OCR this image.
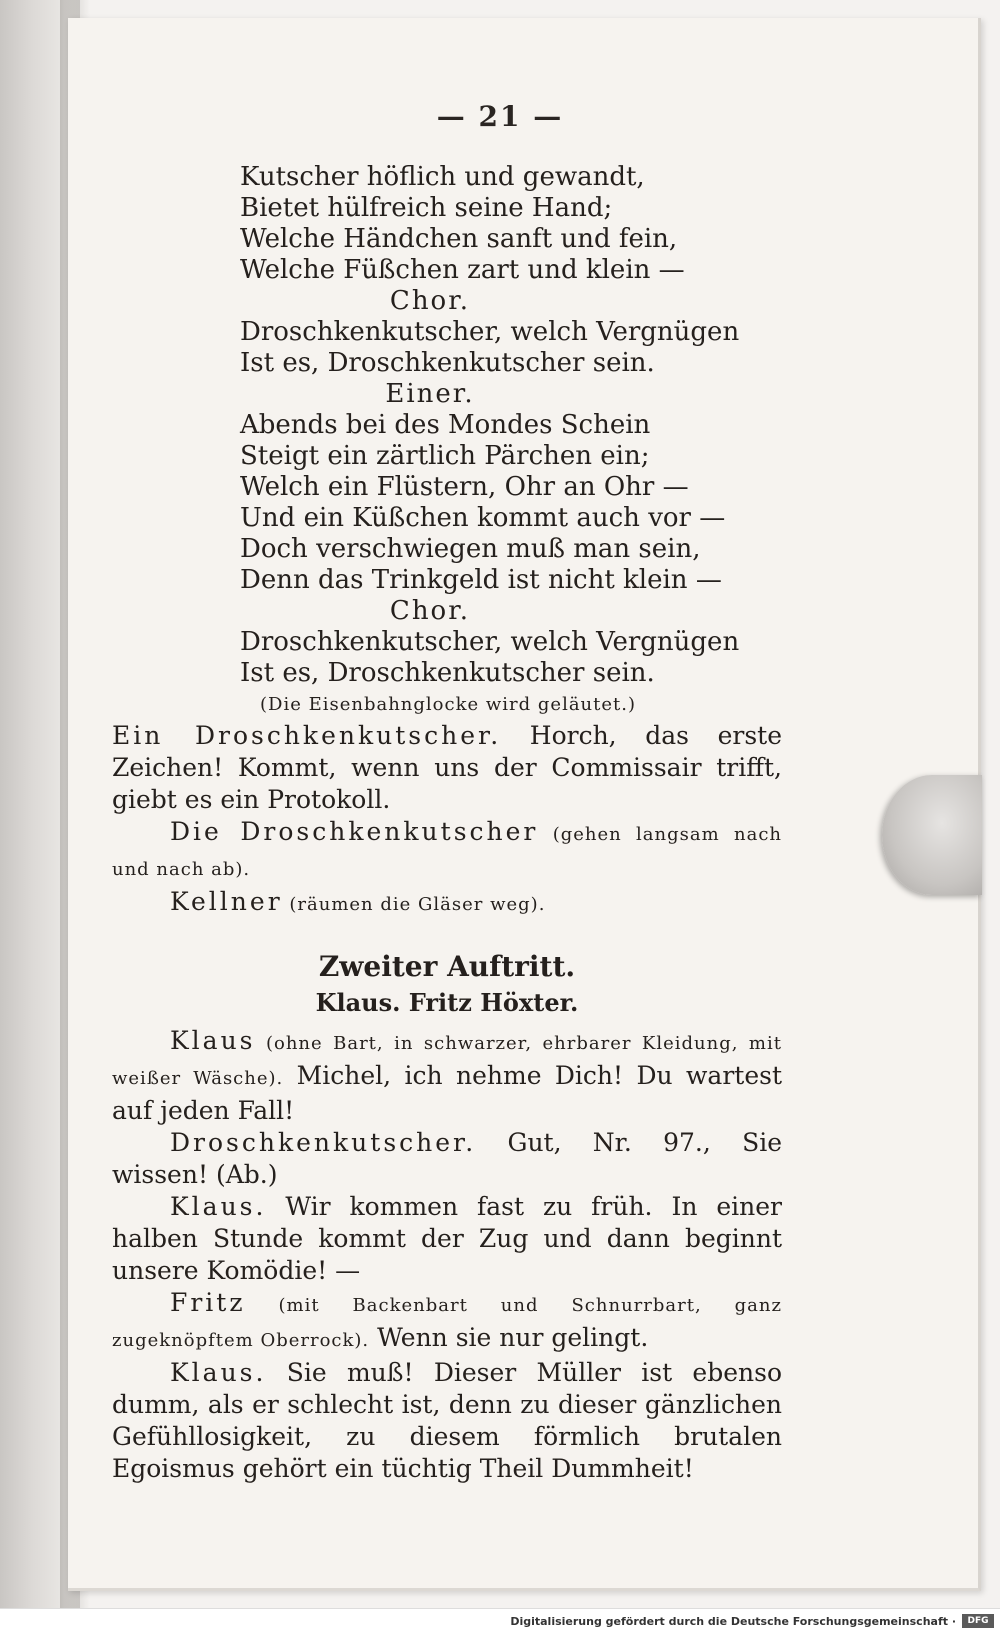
— 21 —
Kutscher höflich und gewandt,
Bietet hülfreich seine Hand;
Welche Händchen sanft und fein,
Welche Füßchen zart und klein —
Chor.
Droschkenkutscher, welch Vergnügen
Ist es, Droschkenkutscher sein.
Einer.
Abends bei des Mondes Schein
Steigt ein zärtlich Pärchen ein;
Welch ein Flüstern, Ohr an Ohr —
Und ein Küßchen kommt auch vor —
Doch verschwiegen muß man sein,
Denn das Trinkgeld ist nicht klein —
Chor.
Droschkenkutscher, welch Vergnügen
Ist es, Droschkenkutscher sein.
(Die Eisenbahnglocke wird geläutet.)

Ein Droschkenkutscher. Horch, das erste Zeichen! Kommt, wenn uns der Commissair trifft, giebt es ein Protokoll.

Die Droschkenkutscher (gehen langsam nach und nach ab).

Kellner (räumen die Gläser weg).

Zweiter Auftritt.

Klaus. Fritz Höxter.

Klaus (ohne Bart, in schwarzer, ehrbarer Kleidung, mit weißer Wäsche). Michel, ich nehme Dich! Du wartest auf jeden Fall!

Droschkenkutscher. Gut, Nr. 97., Sie wissen! (Ab.)

Klaus. Wir kommen fast zu früh. In einer halben Stunde kommt der Zug und dann beginnt unsere Komödie! —

Fritz (mit Backenbart und Schnurrbart, ganz zugeknöpftem Oberrock). Wenn sie nur gelingt.

Klaus. Sie muß! Dieser Müller ist ebenso dumm, als er schlecht ist, denn zu dieser gänzlichen Gefühllosigkeit, zu diesem förmlich brutalen Egoismus gehört ein tüchtig Theil Dummheit!

Digitalisierung gefördert durch die Deutsche Forschungsgemeinschaft ·	DFG
